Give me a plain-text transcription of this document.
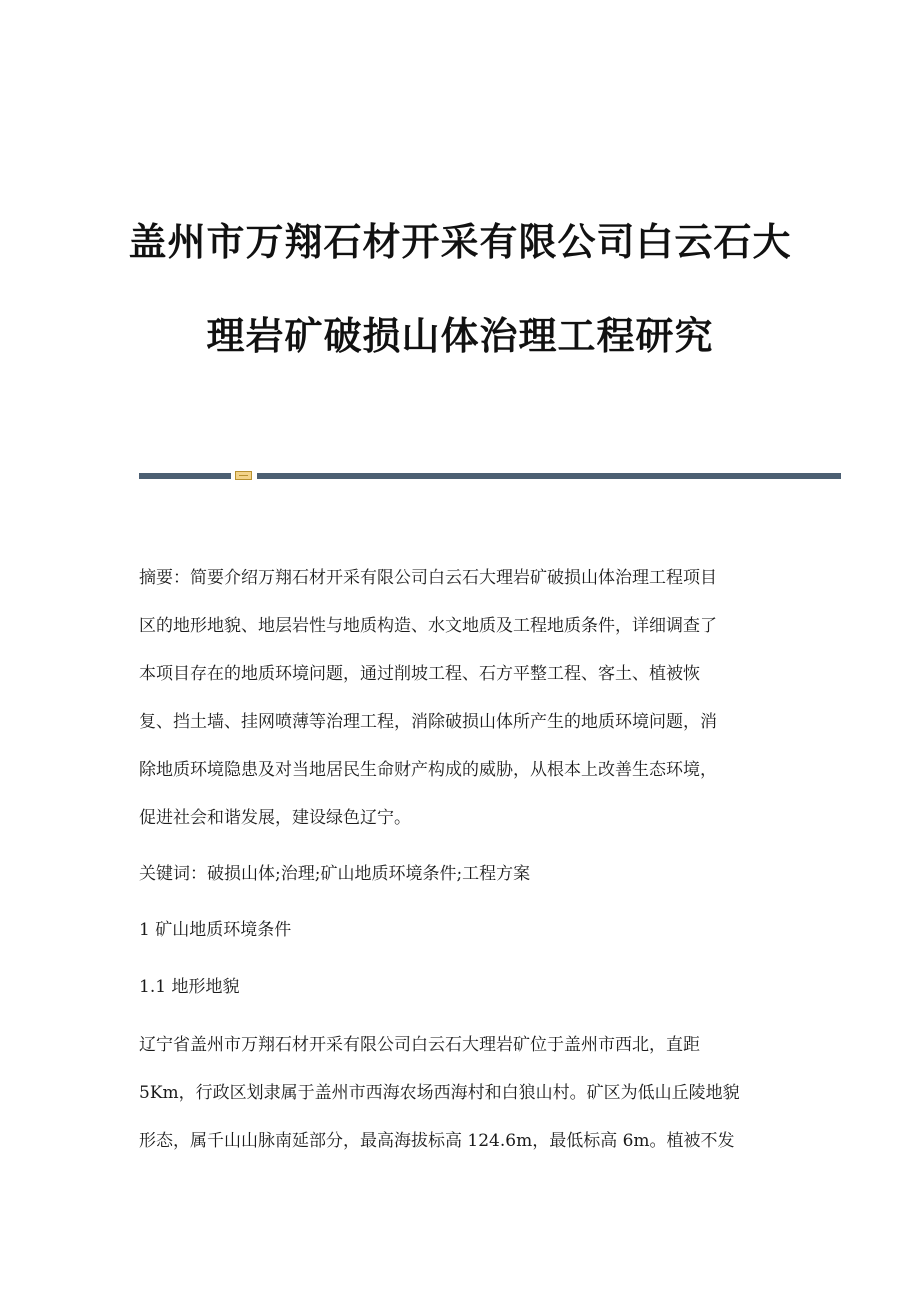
盖州市万翔石材开采有限公司白云石大
理岩矿破损山体治理工程研究
摘要：简要介绍万翔石材开采有限公司白云石大理岩矿破损山体治理工程项目
区的地形地貌、地层岩性与地质构造、水文地质及工程地质条件，详细调查了
本项目存在的地质环境问题，通过削坡工程、石方平整工程、客土、植被恢
复、挡土墙、挂网喷薄等治理工程，消除破损山体所产生的地质环境问题，消
除地质环境隐患及对当地居民生命财产构成的威胁，从根本上改善生态环境，
促进社会和谐发展，建设绿色辽宁。
关键词：破损山体;治理;矿山地质环境条件;工程方案
1 矿山地质环境条件
1.1 地形地貌
辽宁省盖州市万翔石材开采有限公司白云石大理岩矿位于盖州市西北，直距
5Km，行政区划隶属于盖州市西海农场西海村和白狼山村。矿区为低山丘陵地貌
形态，属千山山脉南延部分，最高海拔标高 124.6m，最低标高 6m。植被不发
